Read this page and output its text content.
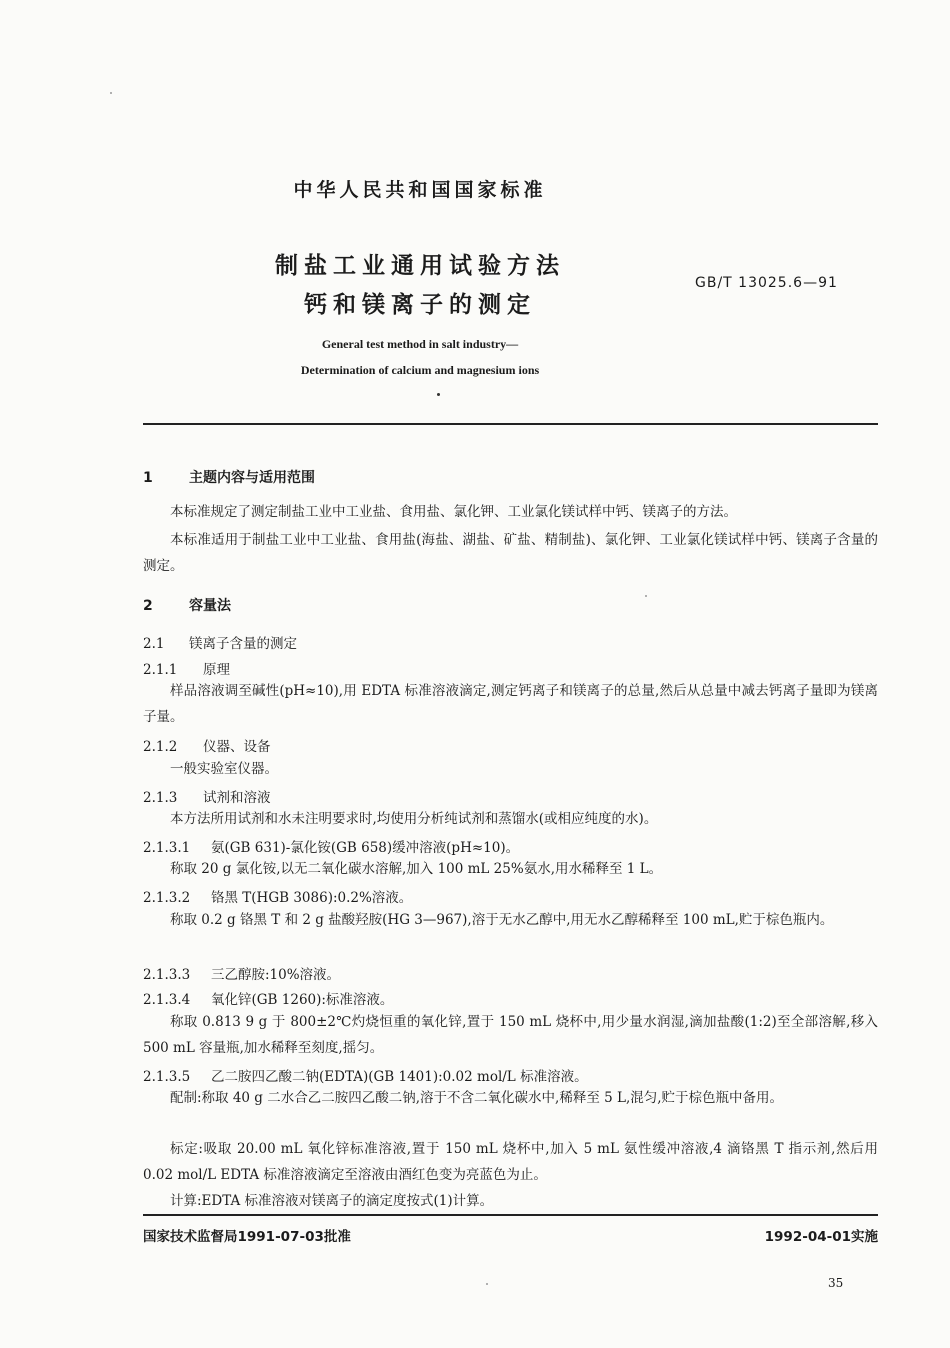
中华人民共和国国家标准
制盐工业通用试验方法
钙和镁离子的测定
GB/T 13025.6—91
General test method in salt industry—
Determination of calcium and magnesium ions
1	主题内容与适用范围

本标准规定了测定制盐工业中工业盐、食用盐、氯化钾、工业氯化镁试样中钙、镁离子的方法。

本标准适用于制盐工业中工业盐、食用盐(海盐、湖盐、矿盐、精制盐)、氯化钾、工业氯化镁试样中钙、镁离子含量的测定。

2	容量法
2.1 镁离子含量的测定
2.1.1 原理

样品溶液调至碱性(pH≈10),用 EDTA 标准溶液滴定,测定钙离子和镁离子的总量,然后从总量中减去钙离子量即为镁离子量。

2.1.2 仪器、设备

一般实验室仪器。

2.1.3 试剂和溶液

本方法所用试剂和水未注明要求时,均使用分析纯试剂和蒸馏水(或相应纯度的水)。

2.1.3.1 氨(GB 631)-氯化铵(GB 658)缓冲溶液(pH≈10)。

称取 20 g 氯化铵,以无二氧化碳水溶解,加入 100 mL 25%氨水,用水稀释至 1 L。

2.1.3.2 铬黑 T(HGB 3086):0.2%溶液。

称取 0.2 g 铬黑 T 和 2 g 盐酸羟胺(HG 3—967),溶于无水乙醇中,用无水乙醇稀释至 100 mL,贮于棕色瓶内。

2.1.3.3 三乙醇胺:10%溶液。
2.1.3.4 氧化锌(GB 1260):标准溶液。

称取 0.813 9 g 于 800±2℃灼烧恒重的氧化锌,置于 150 mL 烧杯中,用少量水润湿,滴加盐酸(1:2)至全部溶解,移入 500 mL 容量瓶,加水稀释至刻度,摇匀。

2.1.3.5 乙二胺四乙酸二钠(EDTA)(GB 1401):0.02 mol/L 标准溶液。

配制:称取 40 g 二水合乙二胺四乙酸二钠,溶于不含二氧化碳水中,稀释至 5 L,混匀,贮于棕色瓶中备用。

标定:吸取 20.00 mL 氧化锌标准溶液,置于 150 mL 烧杯中,加入 5 mL 氨性缓冲溶液,4 滴铬黑 T 指示剂,然后用 0.02 mol/L EDTA 标准溶液滴定至溶液由酒红色变为亮蓝色为止。

计算:EDTA 标准溶液对镁离子的滴定度按式(1)计算。

国家技术监督局1991-07-03批准	1992-04-01实施
35
